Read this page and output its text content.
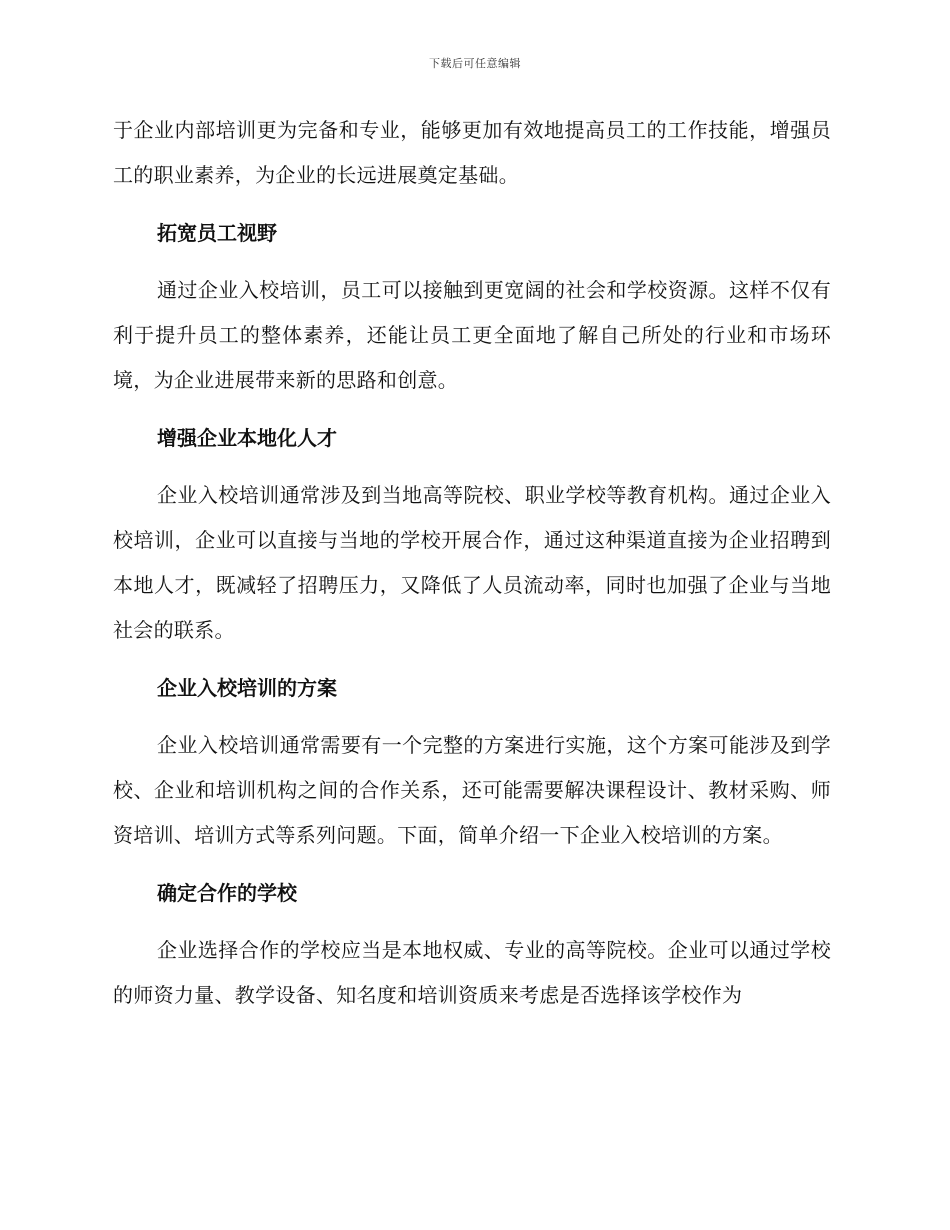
下载后可任意编辑

于企业内部培训更为完备和专业，能够更加有效地提高员工的工作技能，增强员工的职业素养，为企业的长远进展奠定基础。

拓宽员工视野

通过企业入校培训，员工可以接触到更宽阔的社会和学校资源。这样不仅有利于提升员工的整体素养，还能让员工更全面地了解自己所处的行业和市场环境，为企业进展带来新的思路和创意。

增强企业本地化人才

企业入校培训通常涉及到当地高等院校、职业学校等教育机构。通过企业入校培训，企业可以直接与当地的学校开展合作，通过这种渠道直接为企业招聘到本地人才，既减轻了招聘压力，又降低了人员流动率，同时也加强了企业与当地社会的联系。

企业入校培训的方案

企业入校培训通常需要有一个完整的方案进行实施，这个方案可能涉及到学校、企业和培训机构之间的合作关系，还可能需要解决课程设计、教材采购、师资培训、培训方式等系列问题。下面，简单介绍一下企业入校培训的方案。

确定合作的学校

企业选择合作的学校应当是本地权威、专业的高等院校。企业可以通过学校的师资力量、教学设备、知名度和培训资质来考虑是否选择该学校作为
